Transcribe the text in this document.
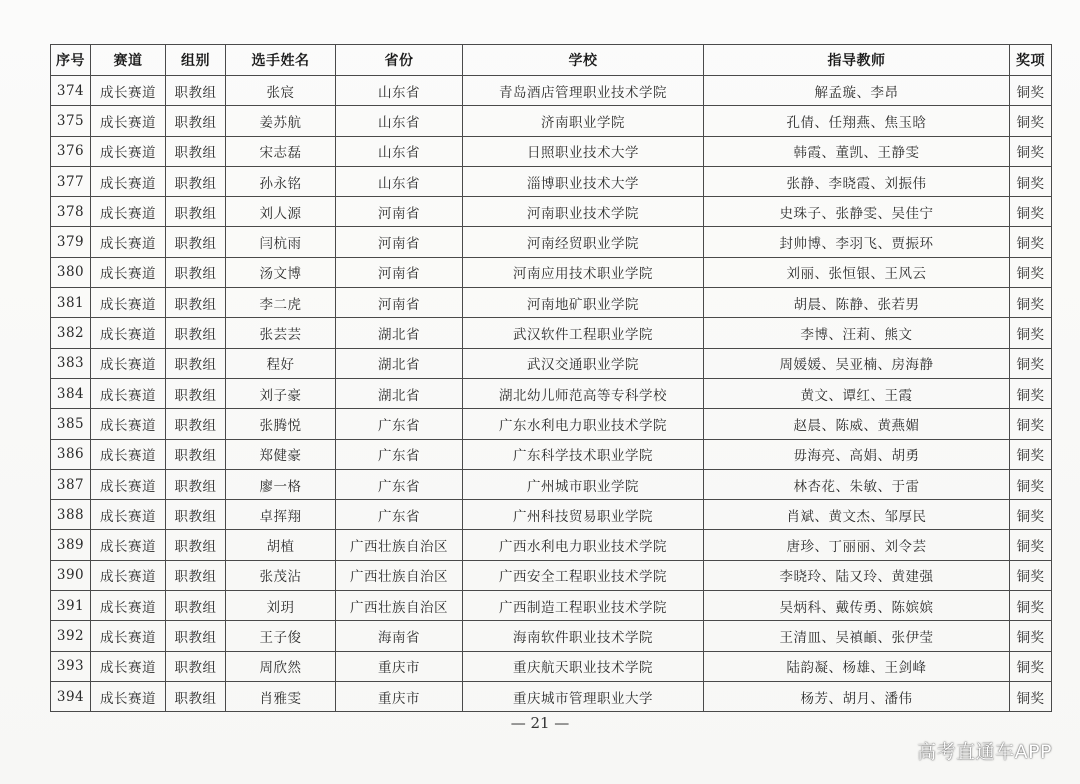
序号	赛道	组别	选手姓名	省份	学校	指导教师	奖项
374	成长赛道	职教组	张宸	山东省	青岛酒店管理职业技术学院	解孟璇、李昂	铜奖
375	成长赛道	职教组	姜苏航	山东省	济南职业学院	孔倩、任翔燕、焦玉晗	铜奖
376	成长赛道	职教组	宋志磊	山东省	日照职业技术大学	韩霞、董凯、王静雯	铜奖
377	成长赛道	职教组	孙永铭	山东省	淄博职业技术大学	张静、李晓霞、刘振伟	铜奖
378	成长赛道	职教组	刘人源	河南省	河南职业技术学院	史珠子、张静雯、吴佳宁	铜奖
379	成长赛道	职教组	闫杭雨	河南省	河南经贸职业学院	封帅博、李羽飞、贾振环	铜奖
380	成长赛道	职教组	汤文博	河南省	河南应用技术职业学院	刘丽、张恒银、王风云	铜奖
381	成长赛道	职教组	李二虎	河南省	河南地矿职业学院	胡晨、陈静、张若男	铜奖
382	成长赛道	职教组	张芸芸	湖北省	武汉软件工程职业学院	李博、汪莉、熊文	铜奖
383	成长赛道	职教组	程好	湖北省	武汉交通职业学院	周媛媛、吴亚楠、房海静	铜奖
384	成长赛道	职教组	刘子豪	湖北省	湖北幼儿师范高等专科学校	黄文、谭红、王霞	铜奖
385	成长赛道	职教组	张腾悦	广东省	广东水利电力职业技术学院	赵晨、陈威、黄燕媚	铜奖
386	成长赛道	职教组	郑健豪	广东省	广东科学技术职业学院	毋海亮、高娟、胡勇	铜奖
387	成长赛道	职教组	廖一格	广东省	广州城市职业学院	林杏花、朱敏、于雷	铜奖
388	成长赛道	职教组	卓挥翔	广东省	广州科技贸易职业学院	肖斌、黄文杰、邹厚民	铜奖
389	成长赛道	职教组	胡植	广西壮族自治区	广西水利电力职业技术学院	唐珍、丁丽丽、刘令芸	铜奖
390	成长赛道	职教组	张茂沾	广西壮族自治区	广西安全工程职业技术学院	李晓玲、陆又玲、黄建强	铜奖
391	成长赛道	职教组	刘玥	广西壮族自治区	广西制造工程职业技术学院	吴炳科、戴传勇、陈嫔嫔	铜奖
392	成长赛道	职教组	王子俊	海南省	海南软件职业技术学院	王清皿、吴禛頔、张伊莹	铜奖
393	成长赛道	职教组	周欣然	重庆市	重庆航天职业技术学院	陆韵凝、杨雄、王剑峰	铜奖
394	成长赛道	职教组	肖雅雯	重庆市	重庆城市管理职业大学	杨芳、胡月、潘伟	铜奖
— 21 —
高考直通车APP
